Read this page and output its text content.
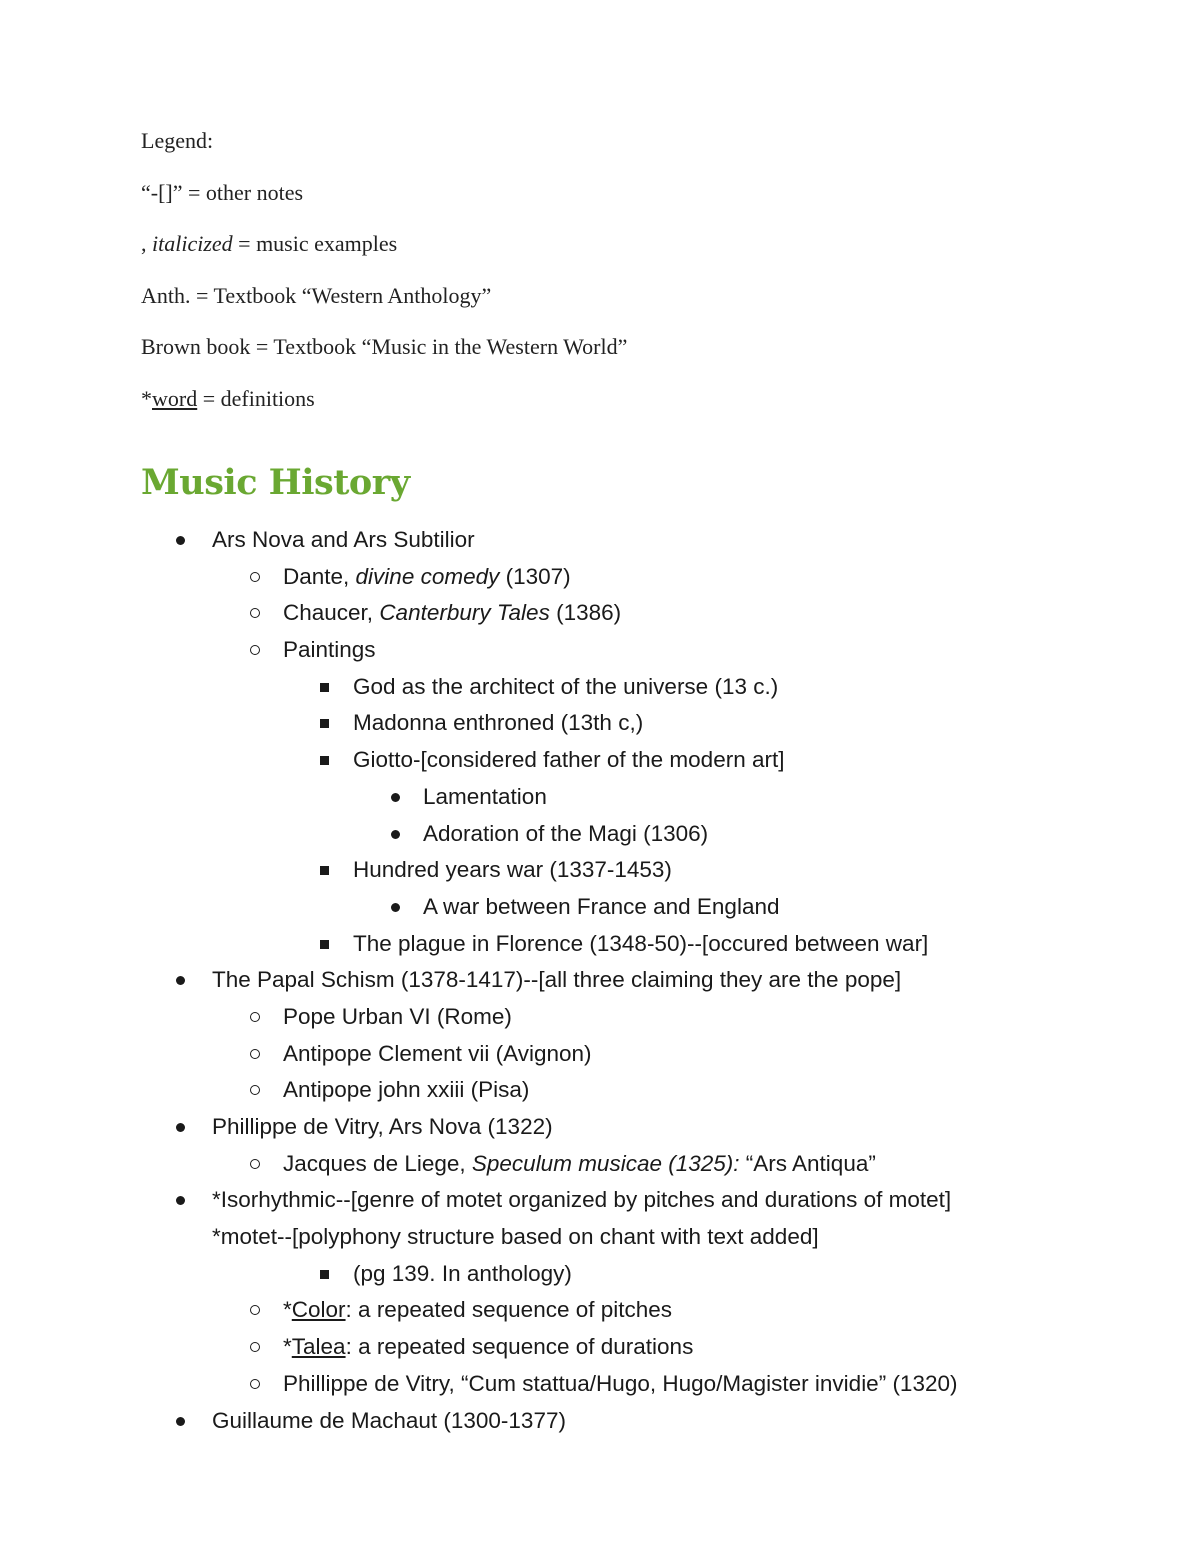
Legend:
“-[]” = other notes
, italicized = music examples
Anth. = Textbook “Western Anthology”
Brown book = Textbook “Music in the Western World”
*word = definitions
Music History
Ars Nova and Ars Subtilior
Dante, divine comedy (1307)
Chaucer, Canterbury Tales (1386)
Paintings
God as the architect of the universe (13 c.)
Madonna enthroned (13th c,)
Giotto-[considered father of the modern art]
Lamentation
Adoration of the Magi (1306)
Hundred years war (1337-1453)
A war between France and England
The plague in Florence (1348-50)--[occured between war]
The Papal Schism (1378-1417)--[all three claiming they are the pope]
Pope Urban VI (Rome)
Antipope Clement vii (Avignon)
Antipope john xxiii (Pisa)
Phillippe de Vitry, Ars Nova (1322)
Jacques de Liege, Speculum musicae (1325): “Ars Antiqua”
*Isorhythmic--[genre of motet organized by pitches and durations of motet]
*motet--[polyphony structure based on chant with text added]
(pg 139. In anthology)
*Color: a repeated sequence of pitches
*Talea: a repeated sequence of durations
Phillippe de Vitry, “Cum stattua/Hugo, Hugo/Magister invidie” (1320)
Guillaume de Machaut (1300-1377)
